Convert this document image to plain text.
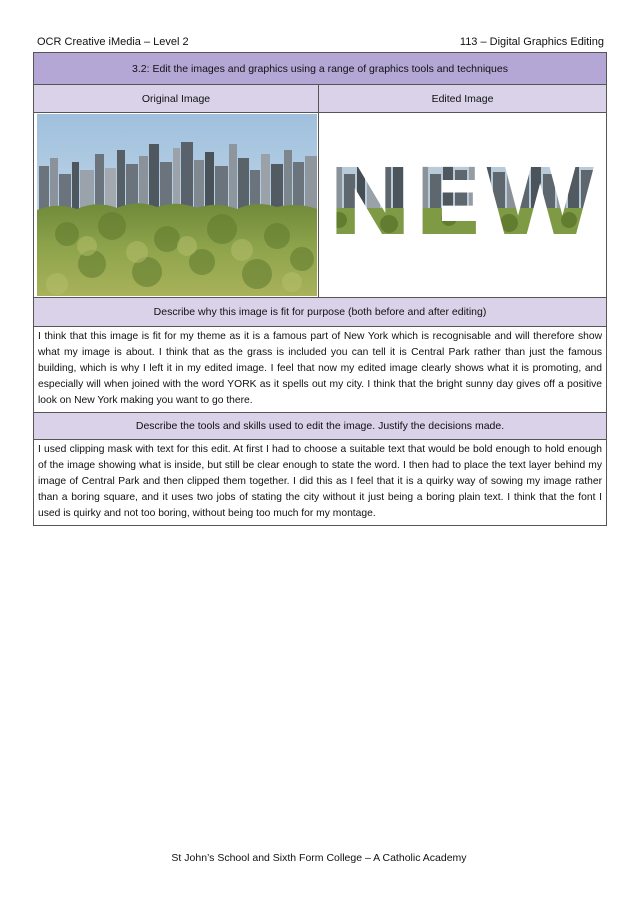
OCR Creative iMedia – Level 2	113 – Digital Graphics Editing
3.2: Edit the images and graphics using a range of graphics tools and techniques	
Original Image	Edited Image

NEW

Describe why this image is fit for purpose (both before and after editing)	
I think that this image is fit for my theme as it is a famous part of New York which is recognisable and will therefore show what my image is about. I think that as the grass is included you can tell it is Central Park rather than just the famous building, which is why I left it in my edited image. I feel that now my edited image clearly shows what it is promoting, and especially will when joined with the word YORK as it spells out my city. I think that the bright sunny day gives off a positive look on New York making you want to go there.	
Describe the tools and skills used to edit the image. Justify the decisions made.	
I used clipping mask with text for this edit. At first I had to choose a suitable text that would be bold enough to hold enough of the image showing what is inside, but still be clear enough to state the word. I then had to place the text layer behind my image of Central Park and then clipped them together. I did this as I feel that it is a quirky way of sowing my image rather than a boring square, and it uses two jobs of stating the city without it just being a boring plain text. I think that the font I used is quirky and not too boring, without being too much for my montage.	
St John’s School and Sixth Form College – A Catholic Academy
